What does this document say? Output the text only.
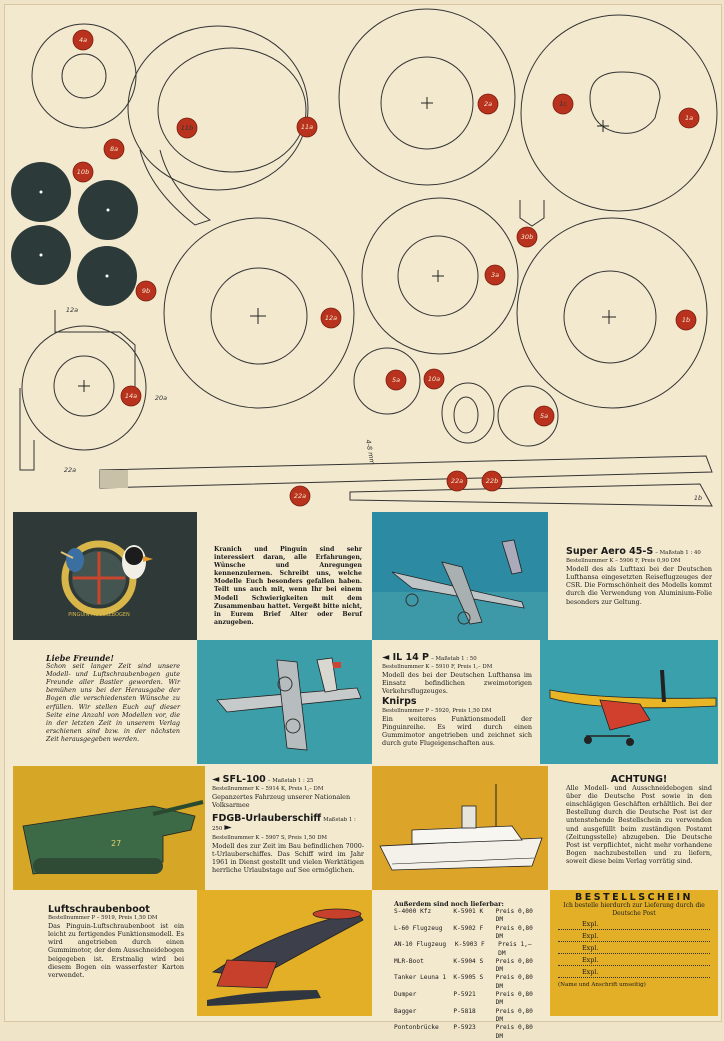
4a
11b	11a
2a	1c
1a
8a
10b
9b
30b
3a
1b
12a
12a
14a	20a
5a	10a
5a
22a	22b
22a
22a
1b
4-8 mm
PINGUIN MODELLBOGEN

Kranich und Pinguin sind sehr interessiert daran, alle Erfahrungen, Wünsche und Anregungen kennenzulernen. Schreibt uns, welche Modelle Euch besonders gefallen haben. Teilt uns auch mit, wenn Ihr bei einem Modell Schwierigkeiten mit dem Zusammenbau hattet. Vergeßt bitte nicht, in Eurem Brief Alter oder Beruf anzugeben.

Super Aero 45-S – Maßstab 1 : 40

Bestellnummer K – 5906 F, Preis 0,90 DM

Modell des als Lufttaxi bei der Deutschen Lufthansa eingesetzten Reiseflugzeuges der CSR. Die Formschönheit des Modells kommt durch die Verwendung von Aluminium-Folie besonders zur Geltung.

Liebe Freunde!

Schon seit langer Zeit sind unsere Modell- und Luftschraubenbogen gute Freunde aller Bastler geworden. Wir bemühen uns bei der Herausgabe der Bogen die verschiedensten Wünsche zu erfüllen. Wir stellen Euch auf dieser Seite eine Anzahl von Modellen vor, die in der letzten Zeit in unserem Verlag erschienen sind bzw. in der nächsten Zeit herausgegeben werden.

◄ IL 14 P – Maßstab 1 : 50

Bestellnummer K – 5910 F, Preis 1,– DM

Modell des bei der Deutschen Lufthansa im Einsatz befindlichen zweimotorigen Verkehrsflugzeuges.

Knirps

Bestellnummer P – 5920, Preis 1,50 DM

Ein weiteres Funktionsmodell der Pinguinreihe. Es wird durch einen Gummimotor angetrieben und zeichnet sich durch gute Flugeigenschaften aus.

27

◄ SFL-100 – Maßstab 1 : 25

Bestellnummer K – 5914 K, Preis 1,– DM

Gepanzertes Fahrzeug unserer Nationalen Volksarmee

FDGB-Urlauberschiff Maßstab 1 : 250 ►

Bestellnummer K – 5907 S, Preis 1,50 DM

Modell des zur Zeit im Bau befindlichen 7000-t-Urlauberschiffes. Das Schiff wird im Jahr 1961 in Dienst gestellt und vielen Werktätigen herrliche Urlaubstage auf See ermöglichen.

ACHTUNG!

Alle Modell- und Ausschneidebogen sind über die Deutsche Post sowie in den einschlägigen Geschäften erhältlich. Bei der Bestellung durch die Deutsche Post ist der untenstehende Bestellschein zu verwenden und ausgefüllt beim zuständigen Postamt (Zeitungsstelle) abzugeben. Die Deutsche Post ist verpflichtet, nicht mehr vorhandene Bogen nachzubestellen und zu liefern, soweit diese beim Verlag vorrätig sind.

Luftschraubenboot

Bestellnummer P – 5919, Preis 1,50 DM

Das Pinguin-Luftschraubenboot ist ein leicht zu fertigendes Funktionsmodell. Es wird angetrieben durch einen Gummimotor, der dem Ausschneidebogen beigegeben ist. Erstmalig wird bei diesem Bogen ein wasserfester Karton verwendet.

Außerdem sind noch lieferbar:

S-4000 Kfz	K-5901 K	Preis 0,80 DM
L-60 Flugzeug	K-5902 F	Preis 0,80 DM
AN-10 Flugzeug	K-5903 F	Preis 1,– DM
MLR-Boot	K-5904 S	Preis 0,80 DM
Tanker Leuna 1	K-5905 S	Preis 0,80 DM
Dumper	P-5921	Preis 0,80 DM
Bagger	P-5818	Preis 0,80 DM
Pontonbrücke	P-5923	Preis 0,80 DM

BESTELLSCHEIN

Ich bestelle hierdurch zur Lieferung durch die Deutsche Post

Expl.
Expl.
Expl.
Expl.
Expl.

(Name und Anschrift umseitig)
